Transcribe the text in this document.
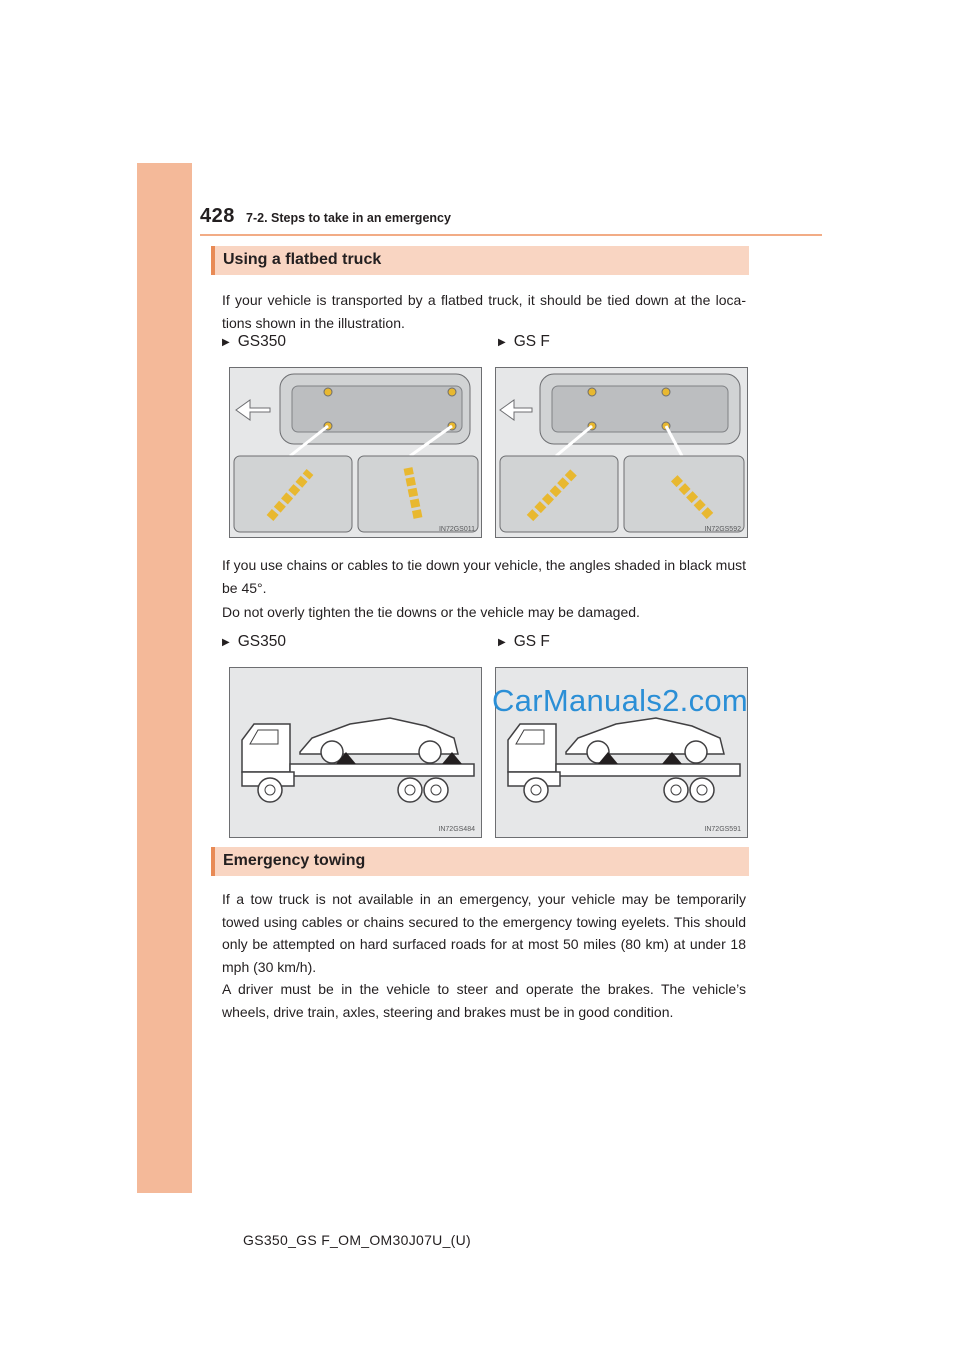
428 7-2. Steps to take in an emergency
Using a flatbed truck

If your vehicle is transported by a flatbed truck, it should be tied down at the loca-tions shown in the illustration.

▶ GS350	▶ GS F
IN72GS011	IN72GS592

If you use chains or cables to tie down your vehicle, the angles shaded in black must be 45°.

Do not overly tighten the tie downs or the vehicle may be damaged.

▶ GS350	▶ GS F
IN72GS484	IN72GS591
CarManuals2.com
Emergency towing

If a tow truck is not available in an emergency, your vehicle may be temporarily towed using cables or chains secured to the emergency towing eyelets. This should only be attempted on hard surfaced roads for at most 50 miles (80 km) at under 18 mph (30 km/h).

A driver must be in the vehicle to steer and operate the brakes. The vehicle’s wheels, drive train, axles, steering and brakes must be in good condition.

GS350_GS F_OM_OM30J07U_(U)
